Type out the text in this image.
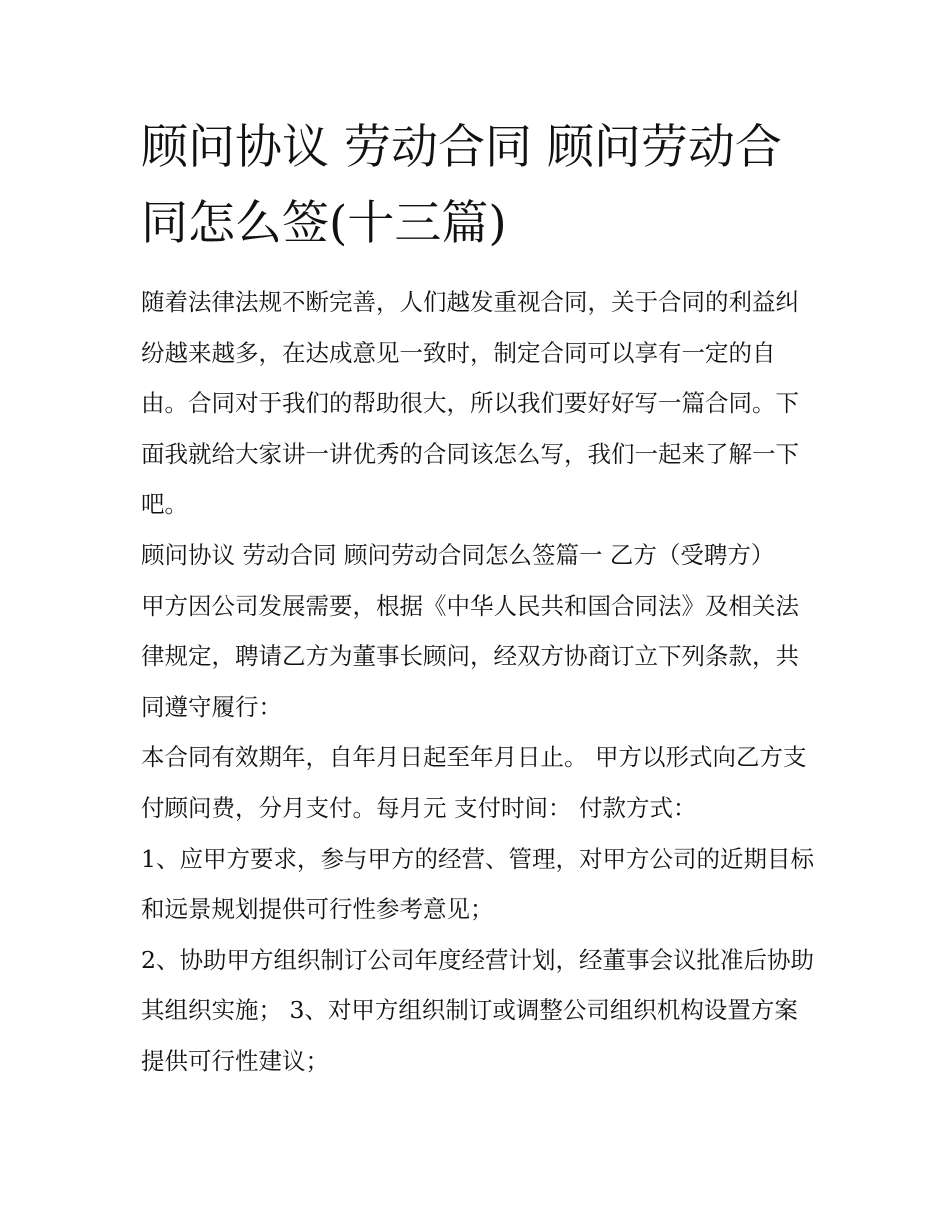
顾问协议 劳动合同 顾问劳动合同怎么签(十三篇)

随着法律法规不断完善，人们越发重视合同，关于合同的利益纠纷越来越多，在达成意见一致时，制定合同可以享有一定的自由。合同对于我们的帮助很大，所以我们要好好写一篇合同。下面我就给大家讲一讲优秀的合同该怎么写，我们一起来了解一下吧。

顾问协议 劳动合同 顾问劳动合同怎么签篇一 乙方（受聘方）

甲方因公司发展需要，根据《中华人民共和国合同法》及相关法律规定，聘请乙方为董事长顾问，经双方协商订立下列条款，共同遵守履行：

本合同有效期年，自年月日起至年月日止。 甲方以形式向乙方支付顾问费，分月支付。每月元 支付时间： 付款方式：

1、应甲方要求，参与甲方的经营、管理，对甲方公司的近期目标和远景规划提供可行性参考意见；

2、协助甲方组织制订公司年度经营计划，经董事会议批准后协助其组织实施； 3、对甲方组织制订或调整公司组织机构设置方案提供可行性建议；
